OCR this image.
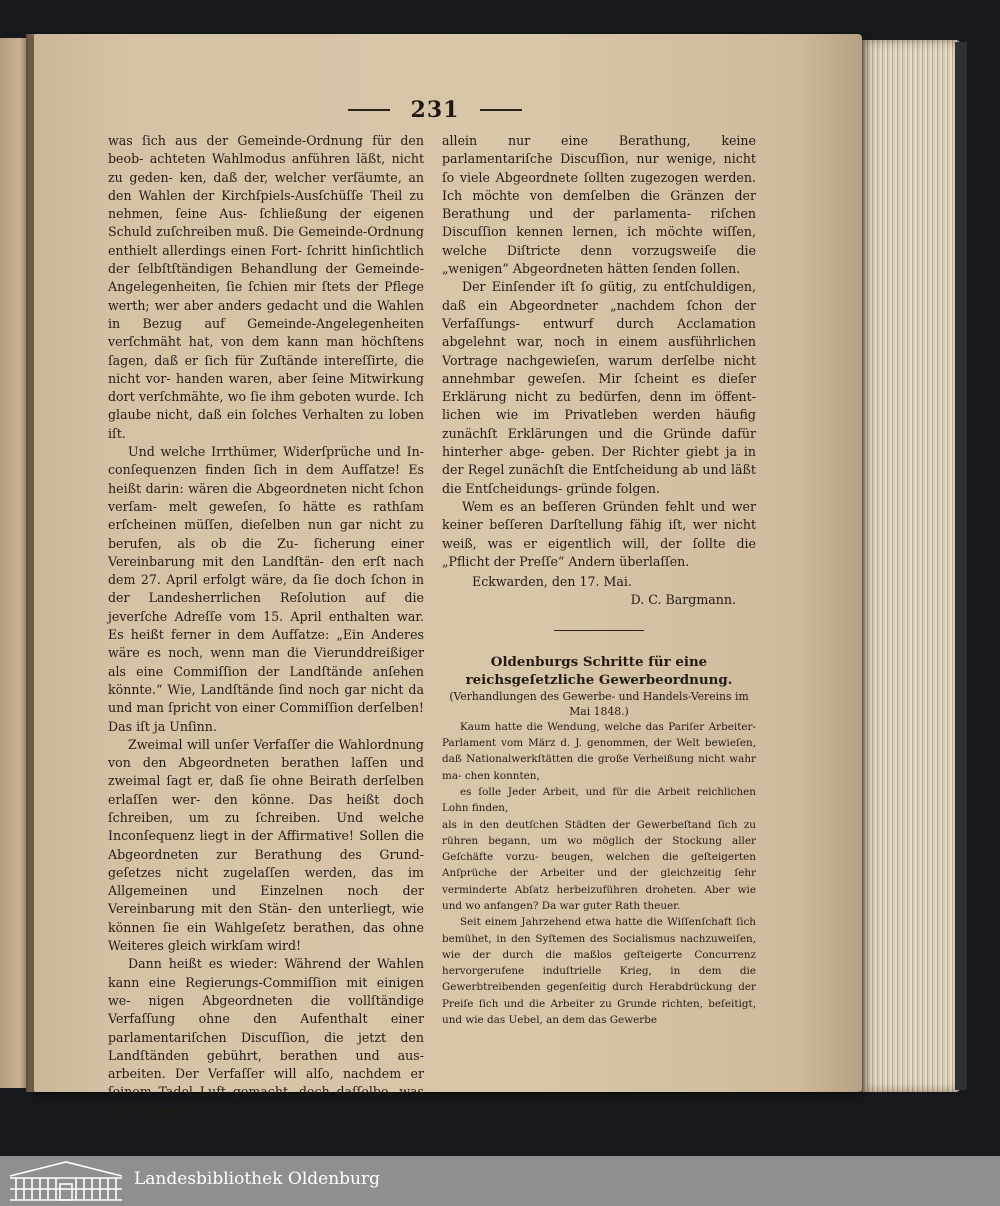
231

was ſich aus der Gemeinde-Ordnung für den beob- achteten Wahlmodus anführen läßt, nicht zu geden- ken, daß der, welcher verſäumte, an den Wahlen der Kirchſpiels-Ausſchüſſe Theil zu nehmen, ſeine Aus- ſchließung der eigenen Schuld zuſchreiben muß. Die Gemeinde-Ordnung enthielt allerdings einen Fort- ſchritt hinſichtlich der ſelbſtſtändigen Behandlung der Gemeinde-Angelegenheiten, ſie ſchien mir ſtets der Pflege werth; wer aber anders gedacht und die Wahlen in Bezug auf Gemeinde-Angelegenheiten verſchmäht hat, von dem kann man höchſtens ſagen, daß er ſich für Zuſtände intereſſirte, die nicht vor- handen waren, aber ſeine Mitwirkung dort verſchmähte, wo ſie ihm geboten wurde. Ich glaube nicht, daß ein ſolches Verhalten zu loben iſt.

Und welche Irrthümer, Widerſprüche und In- conſequenzen finden ſich in dem Aufſatze! Es heißt darin: wären die Abgeordneten nicht ſchon verſam- melt geweſen, ſo hätte es rathſam erſcheinen müſſen, dieſelben nun gar nicht zu berufen, als ob die Zu- ſicherung einer Vereinbarung mit den Landſtän- den erſt nach dem 27. April erfolgt wäre, da ſie doch ſchon in der Landesherrlichen Reſolution auf die jeverſche Adreſſe vom 15. April enthalten war. Es heißt ferner in dem Aufſatze: „Ein Anderes wäre es noch, wenn man die Vierunddreißiger als eine Commiſſion der Landſtände anſehen könnte.“ Wie, Landſtände ſind noch gar nicht da und man ſpricht von einer Commiſſion derſelben! Das iſt ja Unſinn.

Zweimal will unſer Verfaſſer die Wahlordnung von den Abgeordneten berathen laſſen und zweimal ſagt er, daß ſie ohne Beirath derſelben erlaſſen wer- den könne. Das heißt doch ſchreiben, um zu ſchreiben. Und welche Inconſequenz liegt in der Affirmative! Sollen die Abgeordneten zur Berathung des Grund- geſetzes nicht zugelaſſen werden, das im Allgemeinen und Einzelnen noch der Vereinbarung mit den Stän- den unterliegt, wie können ſie ein Wahlgeſetz berathen, das ohne Weiteres gleich wirkſam wird!

Dann heißt es wieder: Während der Wahlen kann eine Regierungs-Commiſſion mit einigen we- nigen Abgeordneten die vollſtändige Verfaſſung ohne den Aufenthalt einer parlamentariſchen Discuſſion, die jetzt den Landſtänden gebührt, berathen und aus- arbeiten. Der Verfaſſer will alſo, nachdem er ſeinem Tadel Luft gemacht, doch daſſelbe, was geſchehen iſt,

allein nur eine Berathung, keine parlamentariſche Discuſſion, nur wenige, nicht ſo viele Abgeordnete ſollten zugezogen werden. Ich möchte von demſelben die Gränzen der Berathung und der parlamenta- riſchen Discuſſion kennen lernen, ich möchte wiſſen, welche Diſtricte denn vorzugsweiſe die „wenigen“ Abgeordneten hätten ſenden ſollen.

Der Einſender iſt ſo gütig, zu entſchuldigen, daß ein Abgeordneter „nachdem ſchon der Verfaſſungs- entwurf durch Acclamation abgelehnt war, noch in einem ausführlichen Vortrage nachgewieſen, warum derſelbe nicht annehmbar geweſen. Mir ſcheint es dieſer Erklärung nicht zu bedürfen, denn im öffent- lichen wie im Privatleben werden häufig zunächſt Erklärungen und die Gründe dafür hinterher abge- geben. Der Richter giebt ja in der Regel zunächſt die Entſcheidung ab und läßt die Entſcheidungs- gründe folgen.

Wem es an beſſeren Gründen fehlt und wer keiner beſſeren Darſtellung fähig iſt, wer nicht weiß, was er eigentlich will, der ſollte die „Pflicht der Preſſe“ Andern überlaſſen.

Eckwarden, den 17. Mai.

D. C. Bargmann.

Oldenburgs Schritte für eine reichsgeſetzliche Gewerbeordnung.

(Verhandlungen des Gewerbe- und Handels-Vereins im Mai 1848.)

Kaum hatte die Wendung, welche das Pariſer Arbeiter- Parlament vom März d. J. genommen, der Welt bewieſen, daß Nationalwerkſtätten die große Verheißung nicht wahr ma- chen konnten,

es ſolle Jeder Arbeit, und für die Arbeit reichlichen Lohn finden,

als in den deutſchen Städten der Gewerbeſtand ſich zu rühren begann, um wo möglich der Stockung aller Geſchäfte vorzu- beugen, welchen die geſteigerten Anſprüche der Arbeiter und der gleichzeitig ſehr verminderte Abſatz herbeizuführen droheten. Aber wie und wo anfangen? Da war guter Rath theuer.

Seit einem Jahrzehend etwa hatte die Wiſſenſchaft ſich bemühet, in den Syſtemen des Socialismus nachzuweiſen, wie der durch die maßlos geſteigerte Concurrenz hervorgerufene induſtrielle Krieg, in dem die Gewerbtreibenden gegenſeitig durch Herabdrückung der Preiſe ſich und die Arbeiter zu Grunde richten, beſeitigt, und wie das Uebel, an dem das Gewerbe

Landesbibliothek Oldenburg
